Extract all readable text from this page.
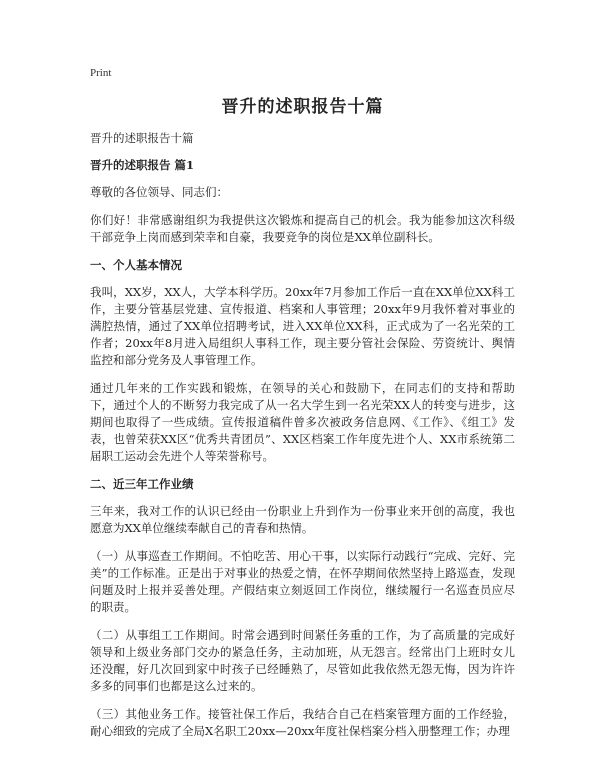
Print
晋升的述职报告十篇
晋升的述职报告十篇
晋升的述职报告 篇1
尊敬的各位领导、同志们：
你们好！非常感谢组织为我提供这次锻炼和提高自己的机会。我为能参加这次科级干部竞争上岗而感到荣幸和自豪，我要竞争的岗位是XX单位副科长。
一、个人基本情况
我叫，XX岁，XX人，大学本科学历。20xx年7月参加工作后一直在XX单位XX科工作，主要分管基层党建、宣传报道、档案和人事管理；20xx年9月我怀着对事业的满腔热情，通过了XX单位招聘考试，进入XX单位XX科，正式成为了一名光荣的工作者；20xx年8月进入局组织人事科工作，现主要分管社会保险、劳资统计、舆情监控和部分党务及人事管理工作。
通过几年来的工作实践和锻炼，在领导的关心和鼓励下，在同志们的支持和帮助下，通过个人的不断努力我完成了从一名大学生到一名光荣XX人的转变与进步，这期间也取得了一些成绩。宣传报道稿件曾多次被政务信息网、《工作》、《组工》发表，也曾荣获XX区“优秀共青团员”、XX区档案工作年度先进个人、XX市系统第二届职工运动会先进个人等荣誉称号。
二、近三年工作业绩
三年来，我对工作的认识已经由一份职业上升到作为一份事业来开创的高度，我也愿意为XX单位继续奉献自己的青春和热情。
（一）从事巡查工作期间。不怕吃苦、用心干事，以实际行动践行“完成、完好、完美”的工作标准。正是出于对事业的热爱之情，在怀孕期间依然坚持上路巡查，发现问题及时上报并妥善处理。产假结束立刻返回工作岗位，继续履行一名巡查员应尽的职责。
（二）从事组工工作期间。时常会遇到时间紧任务重的工作，为了高质量的完成好领导和上级业务部门交办的紧急任务，主动加班，从无怨言。经常出门上班时女儿还没醒，好几次回到家中时孩子已经睡熟了，尽管如此我依然无怨无悔，因为许许多多的同事们也都是这么过来的。
（三）其他业务工作。接管社保工作后，我结合自己在档案管理方面的工作经验，耐心细致的完成了全局X名职工20xx—20xx年度社保档案分档入册整理工作；办理
